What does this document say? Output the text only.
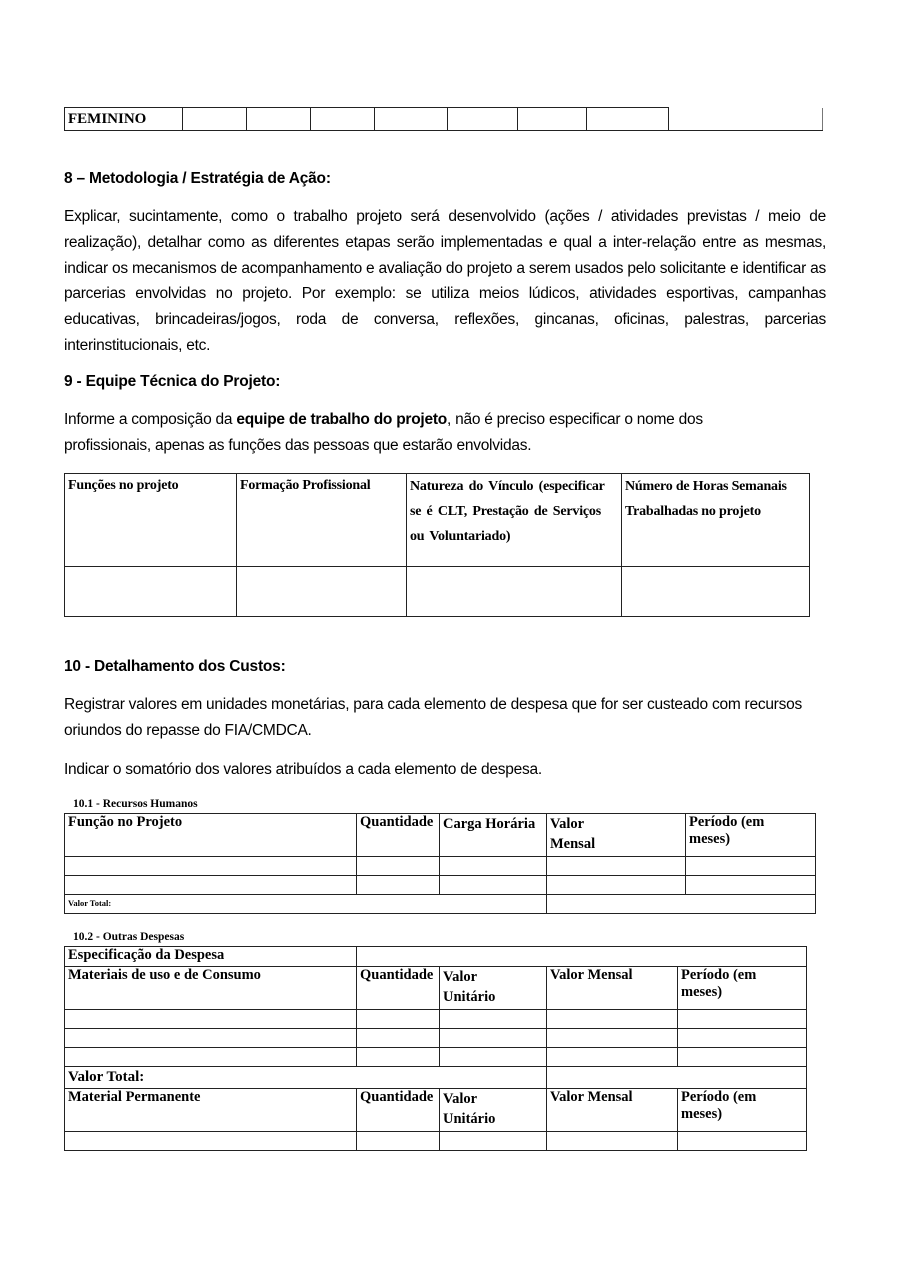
FEMININO								
8 – Metodologia / Estratégia de Ação:
Explicar, sucintamente, como o trabalho projeto será desenvolvido (ações / atividades previstas / meio de realização), detalhar como as diferentes etapas serão implementadas e qual a inter-relação entre as mesmas, indicar os mecanismos de acompanhamento e avaliação do projeto a serem usados pelo solicitante e identificar as parcerias envolvidas no projeto. Por exemplo: se utiliza meios lúdicos, atividades esportivas, campanhas educativas, brincadeiras/jogos, roda de conversa, reflexões, gincanas, oficinas, palestras, parcerias interinstitucionais, etc.
9 - Equipe Técnica do Projeto:
Informe a composição da equipe de trabalho do projeto, não é preciso especificar o nome dos profissionais, apenas as funções das pessoas que estarão envolvidas.
Funções no projeto	Formação Profissional	Natureza do Vínculo (especificar se é CLT, Prestação de Serviços ou Voluntariado)	Número de Horas Semanais Trabalhadas no projeto

10 - Detalhamento dos Custos:
Registrar valores em unidades monetárias, para cada elemento de despesa que for ser custeado com recursos oriundos do repasse do FIA/CMDCA.
Indicar o somatório dos valores atribuídos a cada elemento de despesa.
10.1 - Recursos Humanos
Função no Projeto	Quantidade	Carga Horária	Valor Mensal	Período (em meses)

Valor Total:				
10.2 - Outras Despesas
Especificação da Despesa				
Materiais de uso e de Consumo	Quantidade	Valor Unitário	Valor Mensal	Período (em meses)

Valor Total:				
Material Permanente	Quantidade	Valor Unitário	Valor Mensal	Período (em meses)
